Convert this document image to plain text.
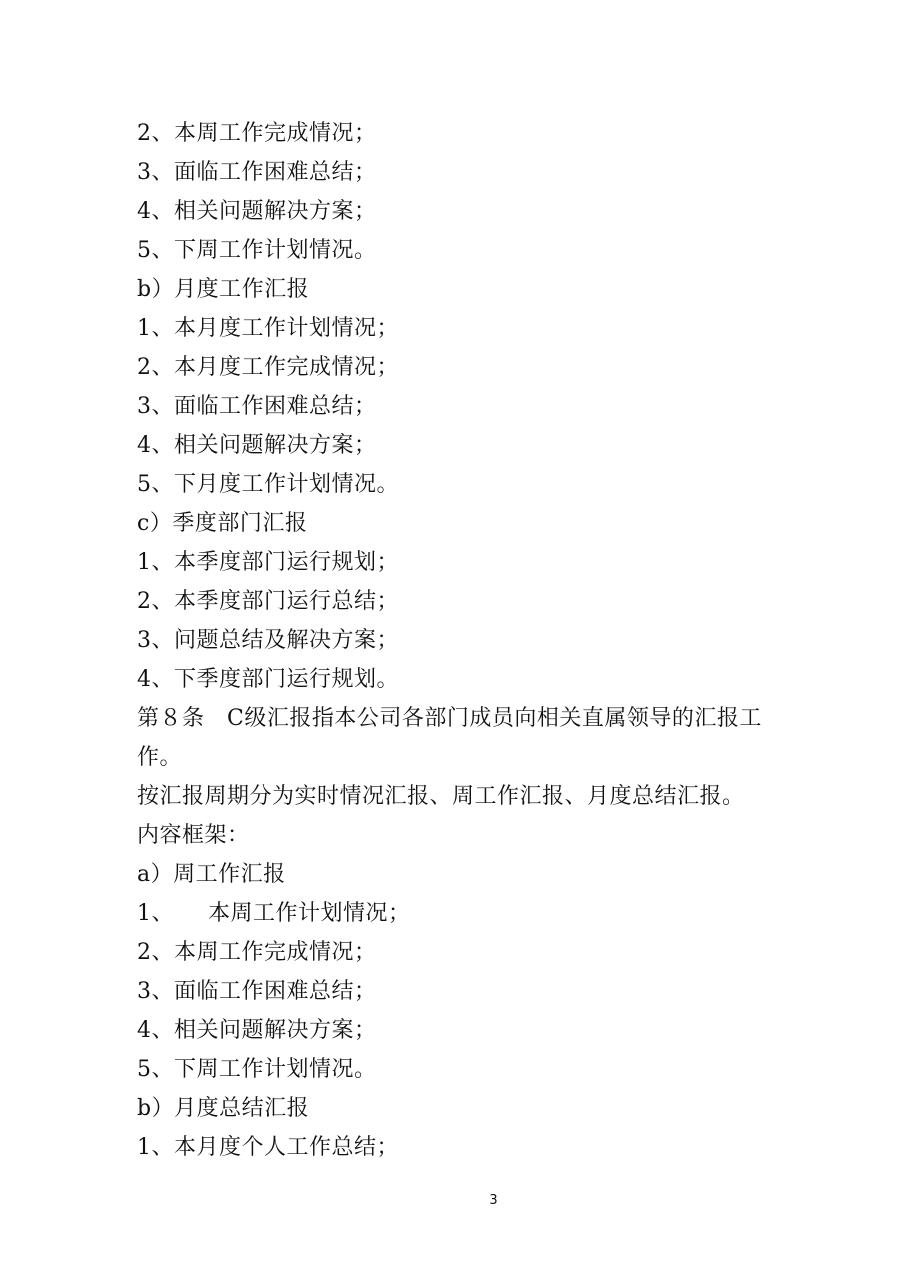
2、本周工作完成情况；
3、面临工作困难总结；
4、相关问题解决方案；
5、下周工作计划情况。
b）月度工作汇报
1、本月度工作计划情况；
2、本月度工作完成情况；
3、面临工作困难总结；
4、相关问题解决方案；
5、下月度工作计划情况。
c）季度部门汇报
1、本季度部门运行规划；
2、本季度部门运行总结；
3、问题总结及解决方案；
4、下季度部门运行规划。
第８条　C级汇报指本公司各部门成员向相关直属领导的汇报工
作。
按汇报周期分为实时情况汇报、周工作汇报、月度总结汇报。
内容框架：
a）周工作汇报
1、　　本周工作计划情况；
2、本周工作完成情况；
3、面临工作困难总结；
4、相关问题解决方案；
5、下周工作计划情况。
b）月度总结汇报
1、本月度个人工作总结；
3
